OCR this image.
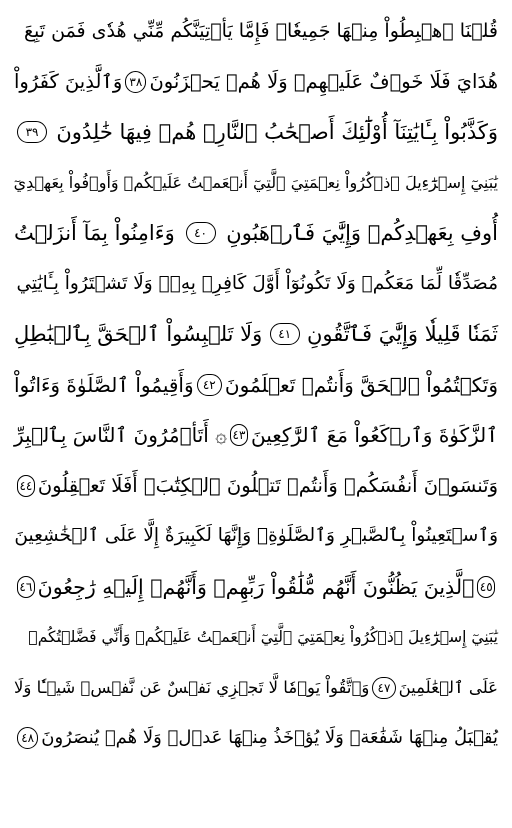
قُلۡنَا ٱهۡبِطُواْ مِنۡهَا جَمِيعٗاۖ فَإِمَّا يَأۡتِيَنَّكُم مِّنِّي هُدٗى فَمَن تَبِعَ
هُدَايَ فَلَا خَوۡفٌ عَلَيۡهِمۡ وَلَا هُمۡ يَحۡزَنُونَ
٣٨
وَٱلَّذِينَ كَفَرُواْ
وَكَذَّبُواْ بِـَٔايَٰتِنَآ أُوْلَٰٓئِكَ أَصۡحَٰبُ ٱلنَّارِۖ هُمۡ فِيهَا خَٰلِدُونَ
٣٩
يَٰبَنِيٓ إِسۡرَٰٓءِيلَ ٱذۡكُرُواْ نِعۡمَتِيَ ٱلَّتِيٓ أَنۡعَمۡتُ عَلَيۡكُمۡ وَأَوۡفُواْ بِعَهۡدِيٓ
أُوفِ بِعَهۡدِكُمۡ وَإِيَّٰيَ فَٱرۡهَبُونِ
٤٠
وَءَامِنُواْ بِمَآ أَنزَلۡتُ
مُصَدِّقٗا لِّمَا مَعَكُمۡ وَلَا تَكُونُوٓاْ أَوَّلَ كَافِرِۢ بِهِۦۖ وَلَا تَشۡتَرُواْ بِـَٔايَٰتِي
ثَمَنٗا قَلِيلٗا وَإِيَّٰيَ فَٱتَّقُونِ
٤١
وَلَا تَلۡبِسُواْ ٱلۡحَقَّ بِٱلۡبَٰطِلِ
وَتَكۡتُمُواْ ٱلۡحَقَّ وَأَنتُمۡ تَعۡلَمُونَ
٤٢
وَأَقِيمُواْ ٱلصَّلَوٰةَ وَءَاتُواْ
ٱلزَّكَوٰةَ وَٱرۡكَعُواْ مَعَ ٱلرَّٰكِعِينَ
٤٣
۞ أَتَأۡمُرُونَ ٱلنَّاسَ بِٱلۡبِرِّ
وَتَنسَوۡنَ أَنفُسَكُمۡ وَأَنتُمۡ تَتۡلُونَ ٱلۡكِتَٰبَۚ أَفَلَا تَعۡقِلُونَ
٤٤
وَٱسۡتَعِينُواْ بِٱلصَّبۡرِ وَٱلصَّلَوٰةِۚ وَإِنَّهَا لَكَبِيرَةٌ إِلَّا عَلَى ٱلۡخَٰشِعِينَ
٤٥
ٱلَّذِينَ يَظُنُّونَ أَنَّهُم مُّلَٰقُواْ رَبِّهِمۡ وَأَنَّهُمۡ إِلَيۡهِ رَٰجِعُونَ
٤٦
يَٰبَنِيٓ إِسۡرَٰٓءِيلَ ٱذۡكُرُواْ نِعۡمَتِيَ ٱلَّتِيٓ أَنۡعَمۡتُ عَلَيۡكُمۡ وَأَنِّي فَضَّلۡتُكُمۡ
عَلَى ٱلۡعَٰلَمِينَ
٤٧
وَٱتَّقُواْ يَوۡمٗا لَّا تَجۡزِي نَفۡسٌ عَن نَّفۡسٖ شَيۡـٔٗا وَلَا
يُقۡبَلُ مِنۡهَا شَفَٰعَةٞ وَلَا يُؤۡخَذُ مِنۡهَا عَدۡلٞ وَلَا هُمۡ يُنصَرُونَ
٤٨
